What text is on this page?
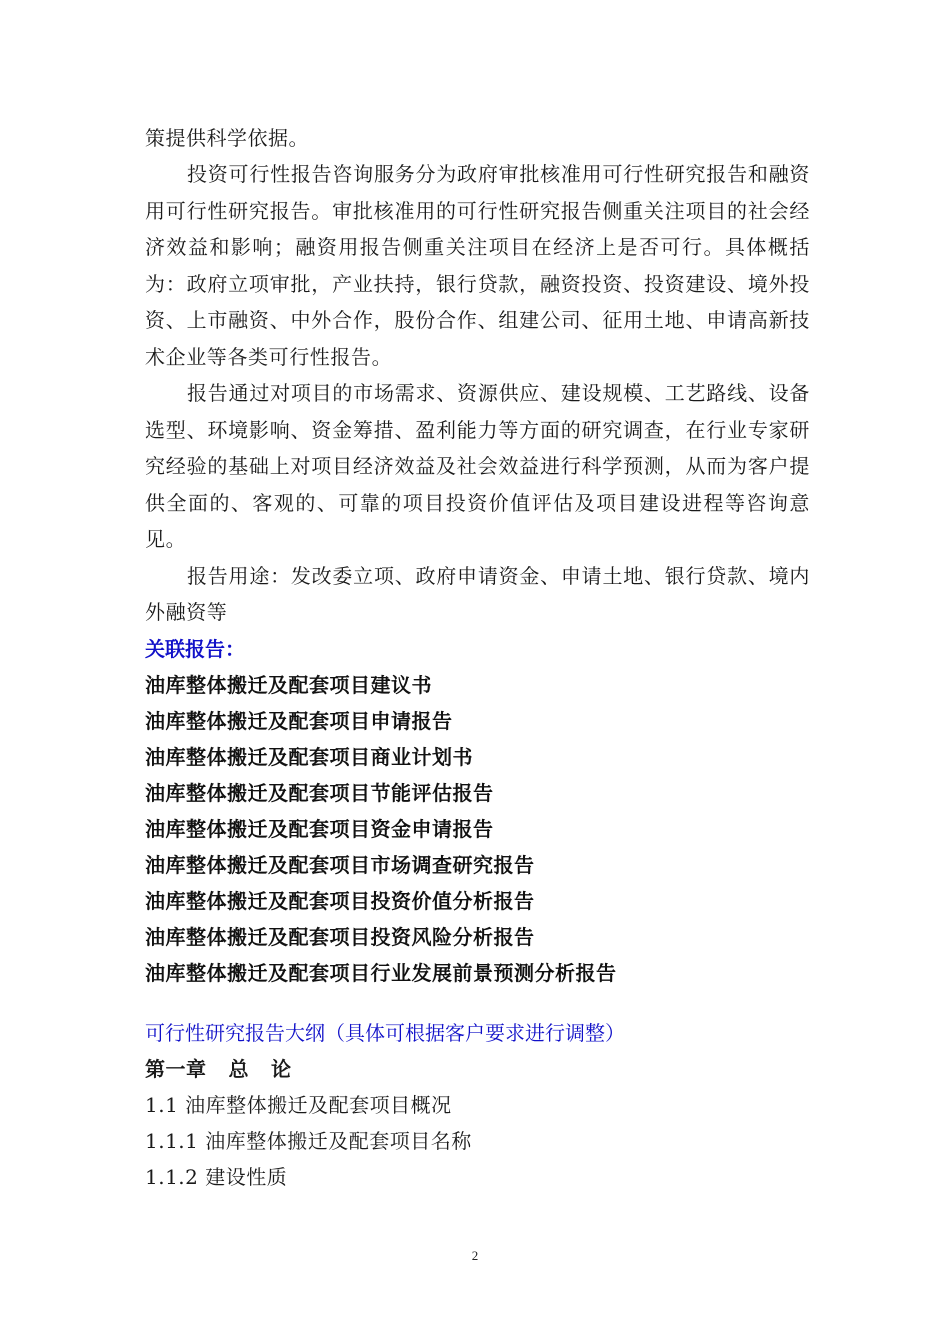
策提供科学依据。

投资可行性报告咨询服务分为政府审批核准用可行性研究报告和融资用可行性研究报告。审批核准用的可行性研究报告侧重关注项目的社会经济效益和影响；融资用报告侧重关注项目在经济上是否可行。具体概括为：政府立项审批，产业扶持，银行贷款，融资投资、投资建设、境外投资、上市融资、中外合作，股份合作、组建公司、征用土地、申请高新技术企业等各类可行性报告。

报告通过对项目的市场需求、资源供应、建设规模、工艺路线、设备选型、环境影响、资金筹措、盈利能力等方面的研究调查，在行业专家研究经验的基础上对项目经济效益及社会效益进行科学预测，从而为客户提供全面的、客观的、可靠的项目投资价值评估及项目建设进程等咨询意见。

报告用途：发改委立项、政府申请资金、申请土地、银行贷款、境内外融资等

关联报告：
油库整体搬迁及配套项目建议书
油库整体搬迁及配套项目申请报告
油库整体搬迁及配套项目商业计划书
油库整体搬迁及配套项目节能评估报告
油库整体搬迁及配套项目资金申请报告
油库整体搬迁及配套项目市场调查研究报告
油库整体搬迁及配套项目投资价值分析报告
油库整体搬迁及配套项目投资风险分析报告
油库整体搬迁及配套项目行业发展前景预测分析报告
可行性研究报告大纲（具体可根据客户要求进行调整）
第一章 总 论
1.1 油库整体搬迁及配套项目概况
1.1.1 油库整体搬迁及配套项目名称
1.1.2 建设性质
2
